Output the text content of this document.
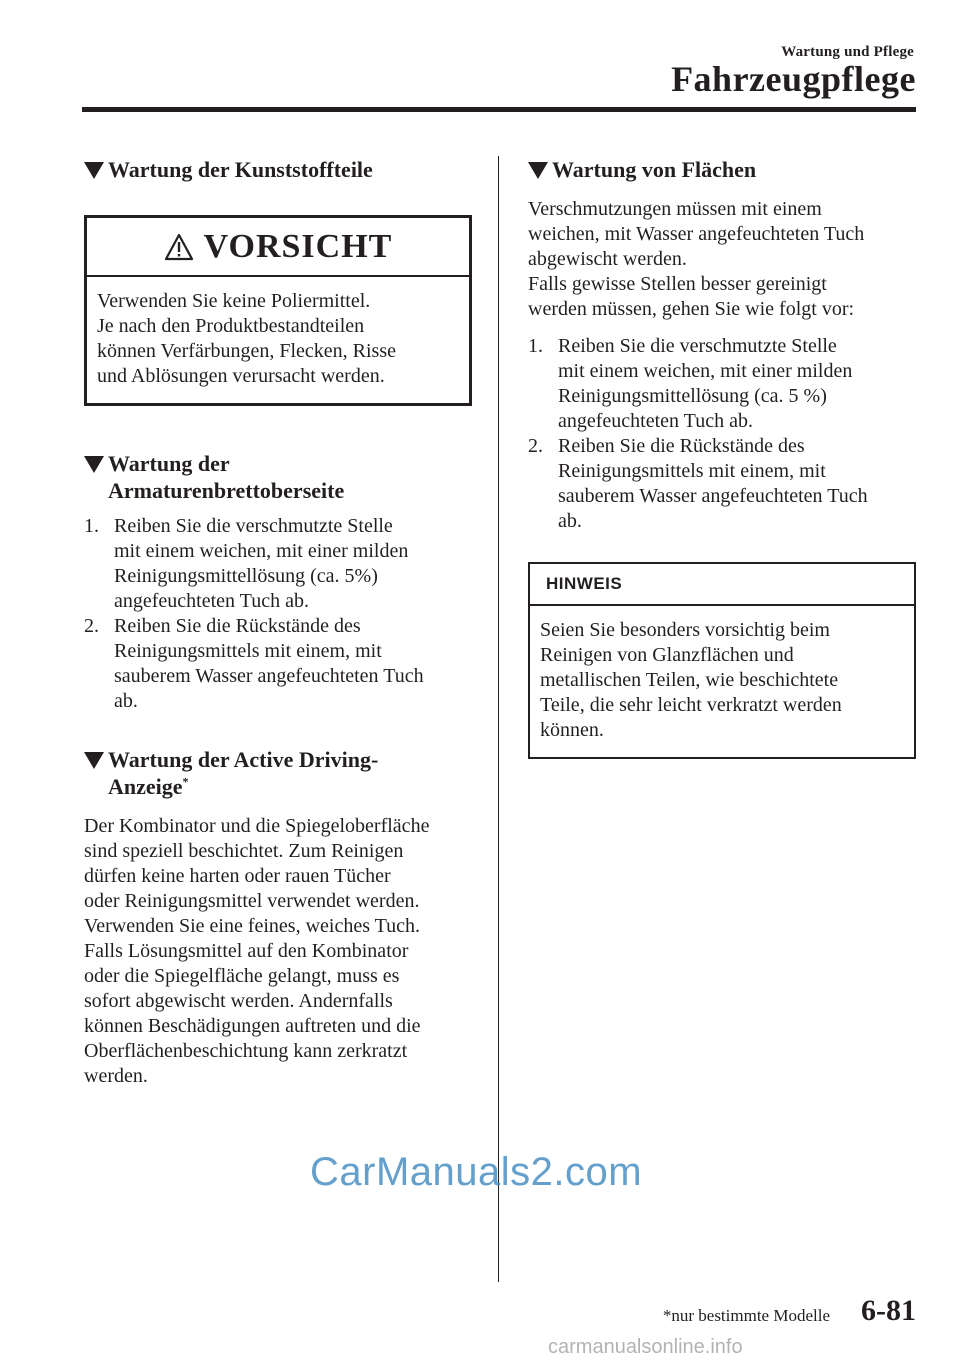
Wartung und Pflege
Fahrzeugpflege
Wartung der Kunststoffteile
VORSICHT

Verwenden Sie keine Poliermittel.

Je nach den Produktbestandteilen

können Verfärbungen, Flecken, Risse

und Ablösungen verursacht werden.

Wartung der
Armaturenbrettoberseite
1. Reiben Sie die verschmutzte Stelle
mit einem weichen, mit einer milden
Reinigungsmittellösung (ca. 5%)
angefeuchteten Tuch ab.
2. Reiben Sie die Rückstände des
Reinigungsmittels mit einem, mit
sauberem Wasser angefeuchteten Tuch
ab.
Wartung der Active Driving-
Anzeige*

Der Kombinator und die Spiegeloberfläche

sind speziell beschichtet. Zum Reinigen

dürfen keine harten oder rauen Tücher

oder Reinigungsmittel verwendet werden.

Verwenden Sie eine feines, weiches Tuch.

Falls Lösungsmittel auf den Kombinator

oder die Spiegelfläche gelangt, muss es

sofort abgewischt werden. Andernfalls

können Beschädigungen auftreten und die

Oberflächenbeschichtung kann zerkratzt

werden.

Wartung von Flächen

Verschmutzungen müssen mit einem

weichen, mit Wasser angefeuchteten Tuch

abgewischt werden.

Falls gewisse Stellen besser gereinigt

werden müssen, gehen Sie wie folgt vor:

1. Reiben Sie die verschmutzte Stelle
mit einem weichen, mit einer milden
Reinigungsmittellösung (ca. 5 %)
angefeuchteten Tuch ab.
2. Reiben Sie die Rückstände des
Reinigungsmittels mit einem, mit
sauberem Wasser angefeuchteten Tuch
ab.
HINWEIS

Seien Sie besonders vorsichtig beim

Reinigen von Glanzflächen und

metallischen Teilen, wie beschichtete

Teile, die sehr leicht verkratzt werden

können.

CarManuals2.com
*nur bestimmte Modelle 6-81
carmanualsonline.info
